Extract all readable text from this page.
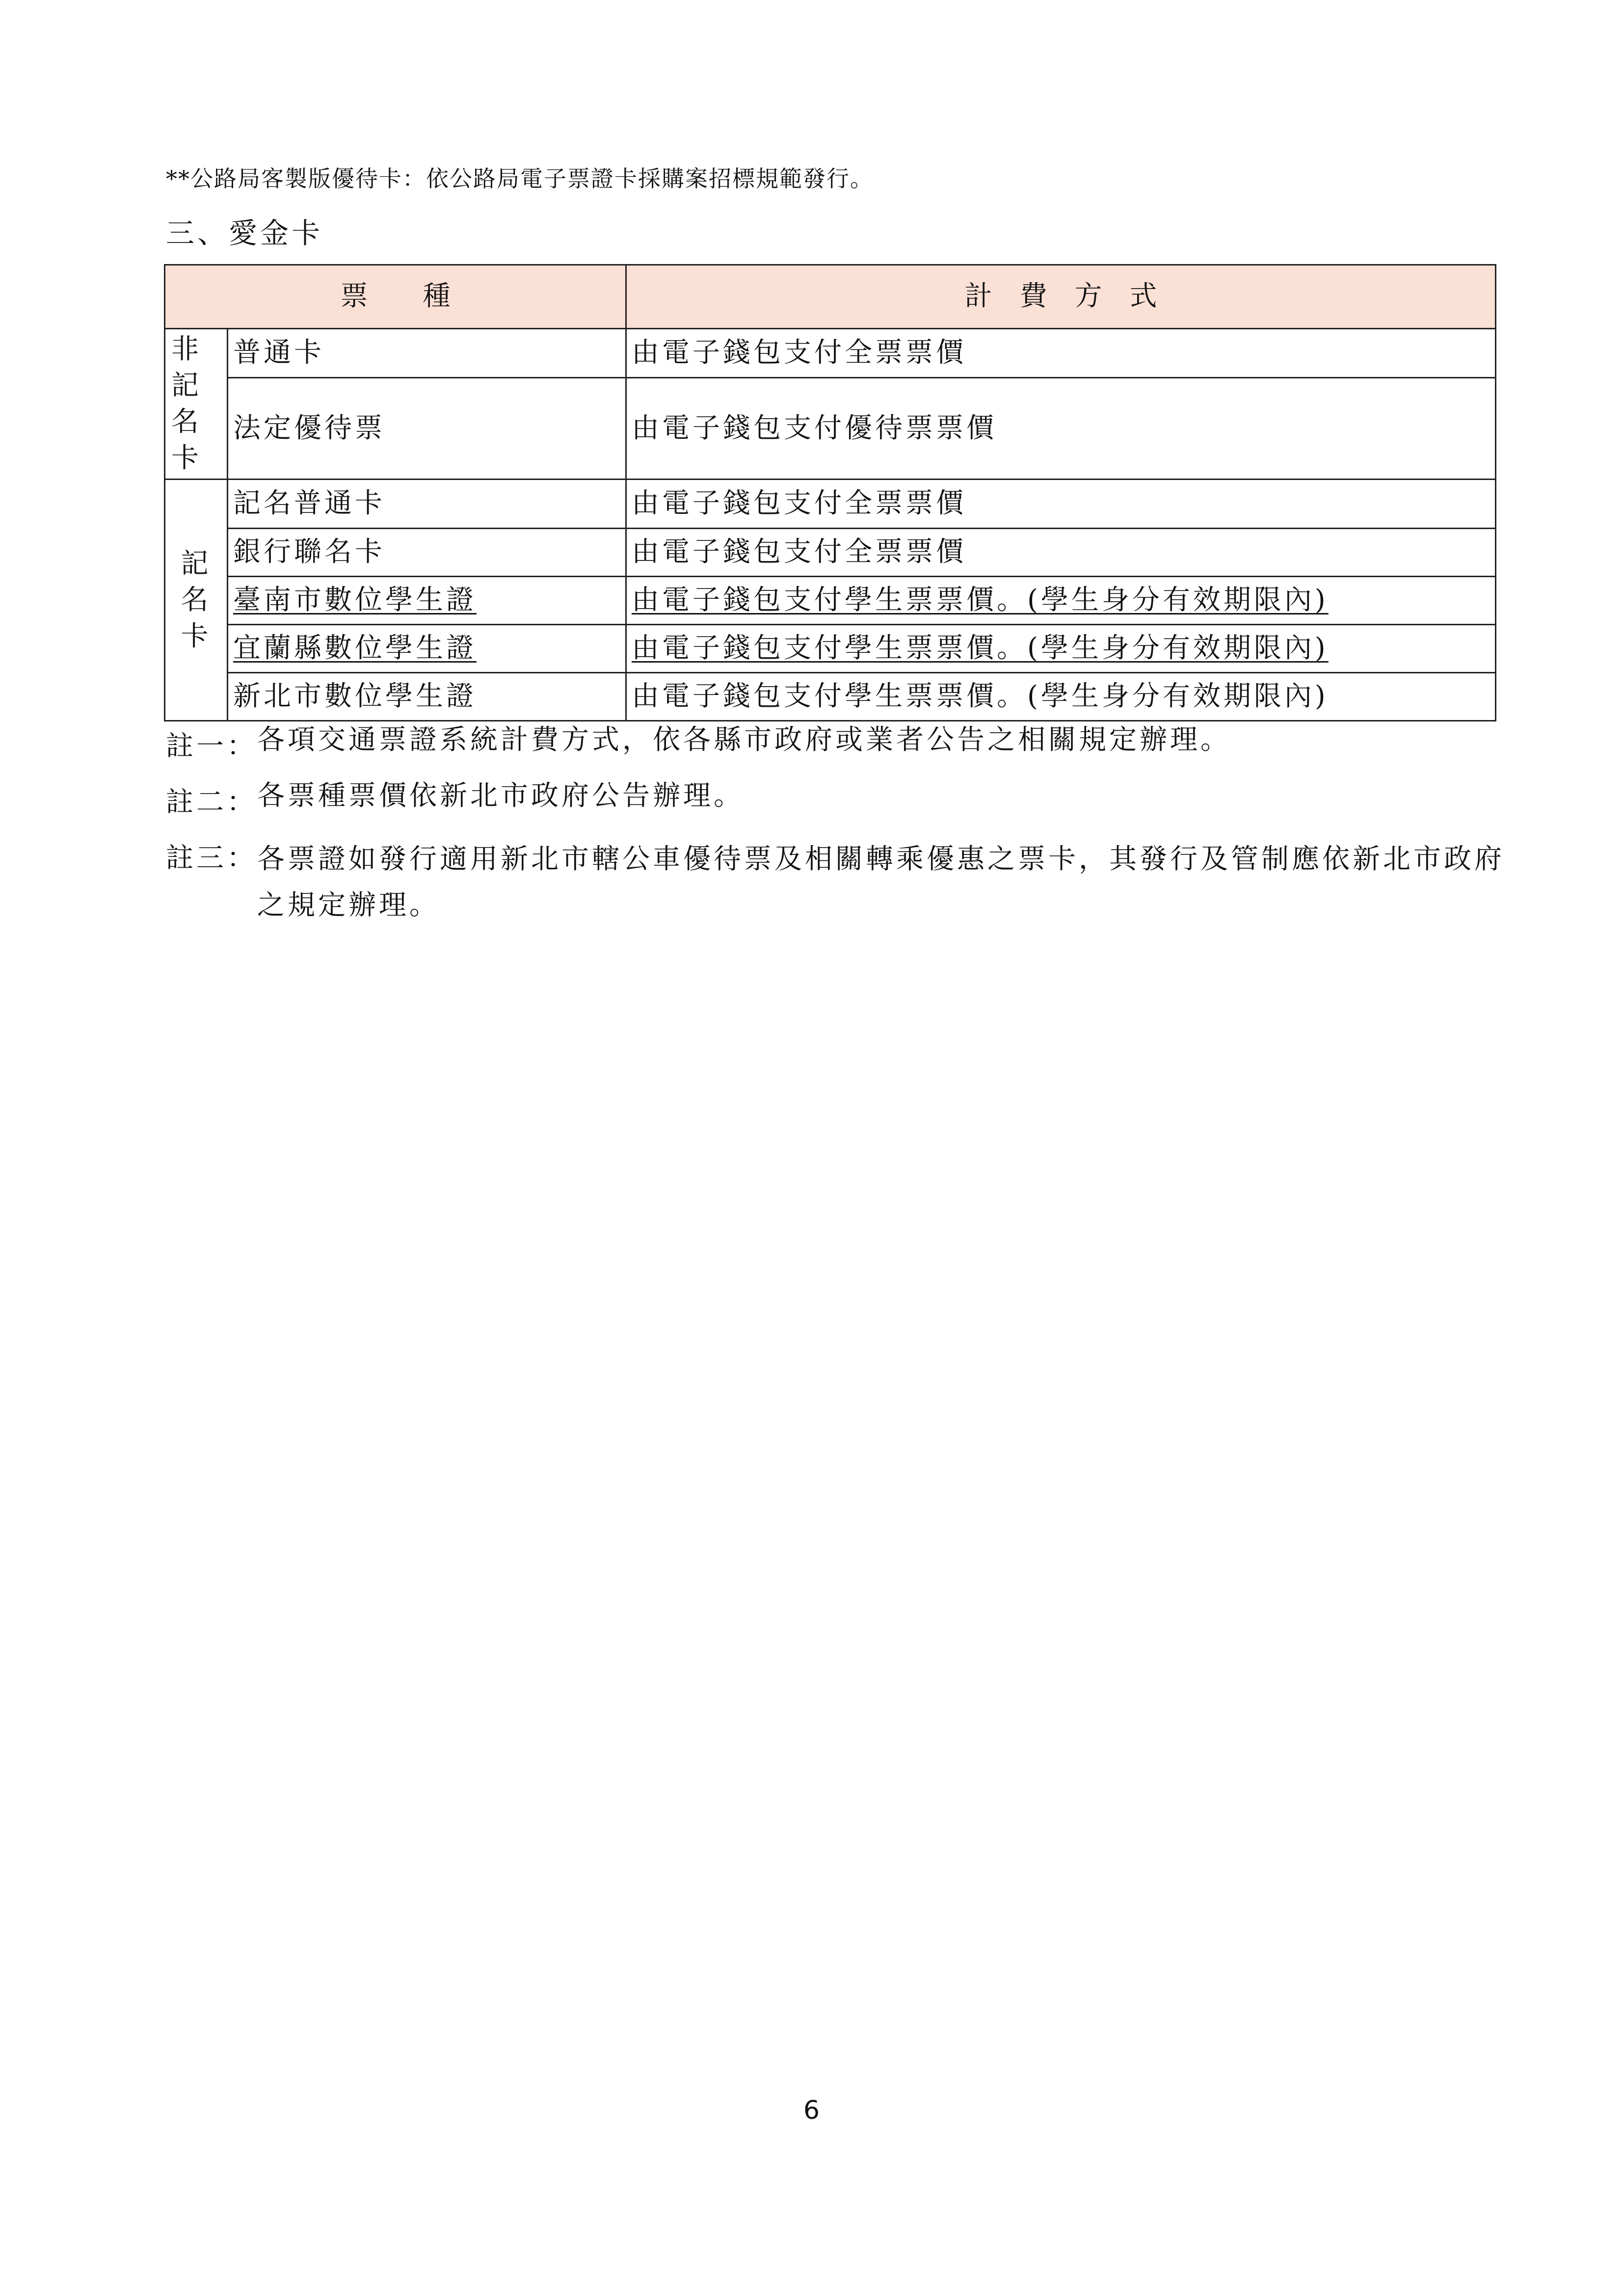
**公路局客製版優待卡：依公路局電子票證卡採購案招標規範發行。
三、愛金卡
票　　種		計　費　方　式

非
記
名
卡	普通卡	由電子錢包支付全票票價
	法定優待票	由電子錢包支付優待票票價

記
名
卡	記名普通卡	由電子錢包支付全票票價
	銀行聯名卡	由電子錢包支付全票票價
	臺南市數位學生證	由電子錢包支付學生票票價。(學生身分有效期限內)
	宜蘭縣數位學生證	由電子錢包支付學生票票價。(學生身分有效期限內)
	新北市數位學生證	由電子錢包支付學生票票價。(學生身分有效期限內)
註一： 各項交通票證系統計費方式，依各縣市政府或業者公告之相關規定辦理。
註二： 各票種票價依新北市政府公告辦理。
註三： 各票證如發行適用新北市轄公車優待票及相關轉乘優惠之票卡，其發行及管制應依新北市政府之規定辦理。
6
